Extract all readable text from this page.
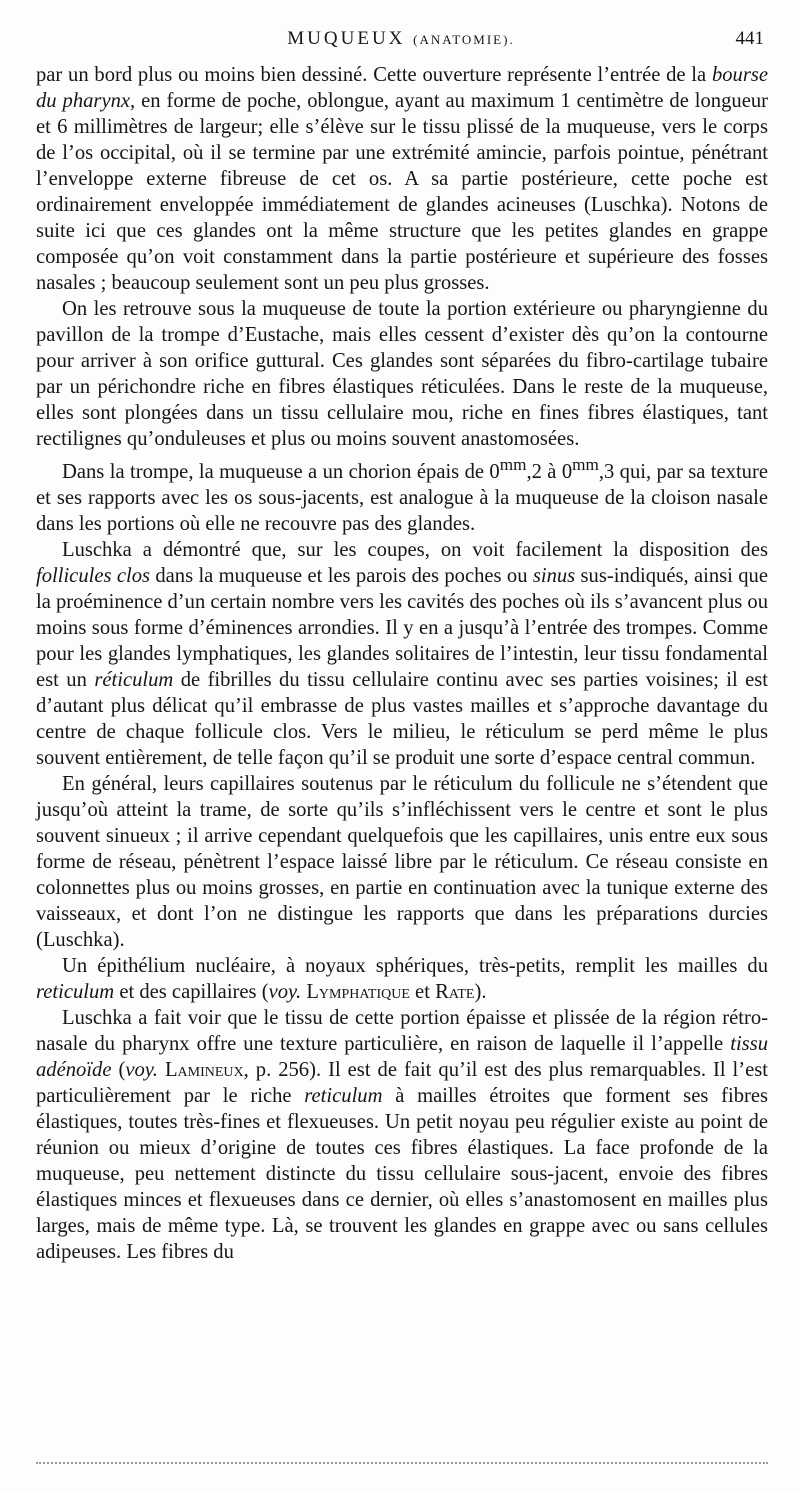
MUQUEUX (ANATOMIE).	441

par un bord plus ou moins bien dessiné. Cette ouverture représente l’entrée de la bourse du pharynx, en forme de poche, oblongue, ayant au maximum 1 centimètre de longueur et 6 millimètres de largeur; elle s’élève sur le tissu plissé de la muqueuse, vers le corps de l’os occipital, où il se termine par une extrémité amincie, parfois pointue, pénétrant l’enveloppe externe fibreuse de cet os. A sa partie postérieure, cette poche est ordinairement enveloppée immédiatement de glandes acineuses (Luschka). Notons de suite ici que ces glandes ont la même structure que les petites glandes en grappe composée qu’on voit constamment dans la partie postérieure et supérieure des fosses nasales ; beaucoup seulement sont un peu plus grosses.

On les retrouve sous la muqueuse de toute la portion extérieure ou pharyngienne du pavillon de la trompe d’Eustache, mais elles cessent d’exister dès qu’on la contourne pour arriver à son orifice guttural. Ces glandes sont séparées du fibro-cartilage tubaire par un périchondre riche en fibres élastiques réticulées. Dans le reste de la muqueuse, elles sont plongées dans un tissu cellulaire mou, riche en fines fibres élastiques, tant rectilignes qu’onduleuses et plus ou moins souvent anastomosées.

Dans la trompe, la muqueuse a un chorion épais de $0^{mm},2$ à $0^{mm},3$ qui, par sa texture et ses rapports avec les os sous-jacents, est analogue à la muqueuse de la cloison nasale dans les portions où elle ne recouvre pas des glandes.

Luschka a démontré que, sur les coupes, on voit facilement la disposition des follicules clos dans la muqueuse et les parois des poches ou sinus sus-indiqués, ainsi que la proéminence d’un certain nombre vers les cavités des poches où ils s’avancent plus ou moins sous forme d’éminences arrondies. Il y en a jusqu’à l’entrée des trompes. Comme pour les glandes lymphatiques, les glandes solitaires de l’intestin, leur tissu fondamental est un réticulum de fibrilles du tissu cellulaire continu avec ses parties voisines; il est d’autant plus délicat qu’il embrasse de plus vastes mailles et s’approche davantage du centre de chaque follicule clos. Vers le milieu, le réticulum se perd même le plus souvent entièrement, de telle façon qu’il se produit une sorte d’espace central commun.

En général, leurs capillaires soutenus par le réticulum du follicule ne s’étendent que jusqu’où atteint la trame, de sorte qu’ils s’infléchissent vers le centre et sont le plus souvent sinueux ; il arrive cependant quelquefois que les capillaires, unis entre eux sous forme de réseau, pénètrent l’espace laissé libre par le réticulum. Ce réseau consiste en colonnettes plus ou moins grosses, en partie en continuation avec la tunique externe des vaisseaux, et dont l’on ne distingue les rapports que dans les préparations durcies (Luschka).

Un épithélium nucléaire, à noyaux sphériques, très-petits, remplit les mailles du reticulum et des capillaires (voy. Lymphatique et Rate).

Luschka a fait voir que le tissu de cette portion épaisse et plissée de la région rétro-nasale du pharynx offre une texture particulière, en raison de laquelle il l’appelle tissu adénoïde (voy. Lamineux, p. 256). Il est de fait qu’il est des plus remarquables. Il l’est particulièrement par le riche reticulum à mailles étroites que forment ses fibres élastiques, toutes très-fines et flexueuses. Un petit noyau peu régulier existe au point de réunion ou mieux d’origine de toutes ces fibres élastiques. La face profonde de la muqueuse, peu nettement distincte du tissu cellulaire sous-jacent, envoie des fibres élastiques minces et flexueuses dans ce dernier, où elles s’anastomosent en mailles plus larges, mais de même type. Là, se trouvent les glandes en grappe avec ou sans cellules adipeuses. Les fibres du
